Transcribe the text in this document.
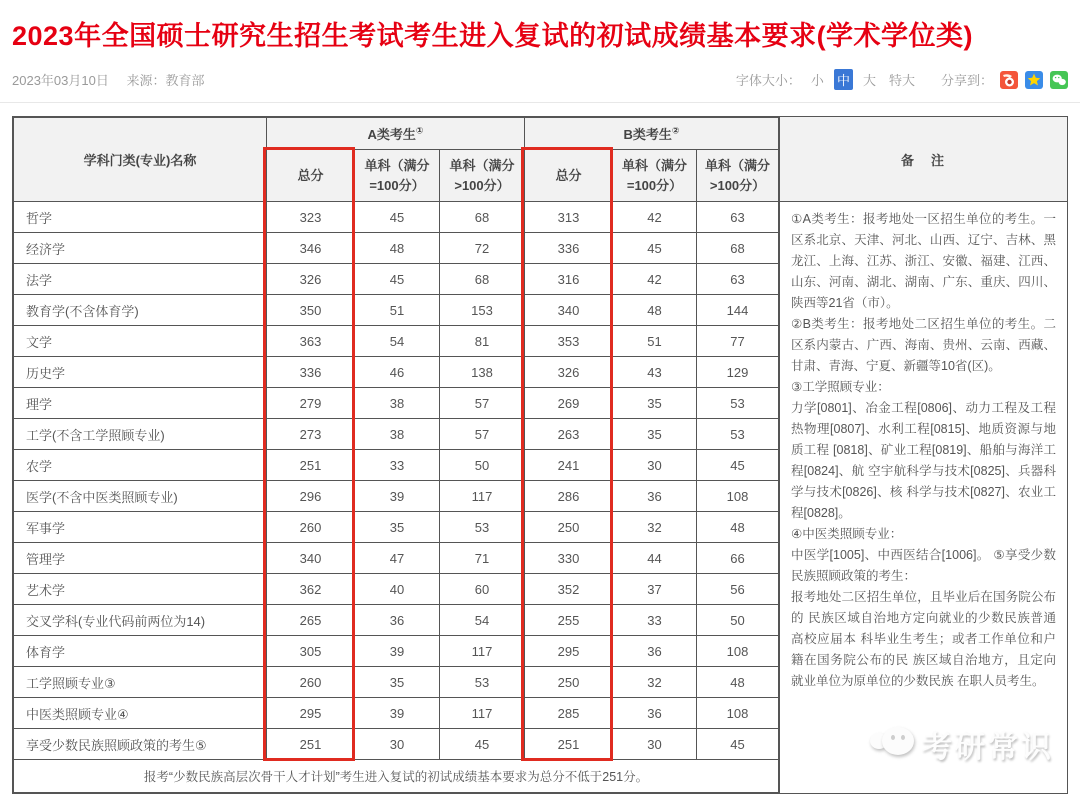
2023年全国硕士研究生招生考试考生进入复试的初试成绩基本要求(学术学位类)
2023年03月10日 来源：教育部	字体大小： 小 中 大 特大 分享到：
学科门类(专业)名称	A类考生①			B类考生②
	总分	单科（满分=100分）	单科（满分>100分）	总分	单科（满分=100分）	单科（满分>100分）
哲学	323	45	68	313	42	63
经济学	346	48	72	336	45	68
法学	326	45	68	316	42	63
教育学(不含体育学)	350	51	153	340	48	144
文学	363	54	81	353	51	77
历史学	336	46	138	326	43	129
理学	279	38	57	269	35	53
工学(不含工学照顾专业)	273	38	57	263	35	53
农学	251	33	50	241	30	45
医学(不含中医类照顾专业)	296	39	117	286	36	108
军事学	260	35	53	250	32	48
管理学	340	47	71	330	44	66
艺术学	362	40	60	352	37	56
交叉学科(专业代码前两位为14)	265	36	54	255	33	50
体育学	305	39	117	295	36	108
工学照顾专业③	260	35	53	250	32	48
中医类照顾专业④	295	39	117	285	36	108
享受少数民族照顾政策的考生⑤	251	30	45	251	30	45
报考“少数民族高层次骨干人才计划”考生进入复试的初试成绩基本要求为总分不低于251分。						
备　注

①A类考生：报考地处一区招生单位的考生。一区系北京、天津、河北、山西、辽宁、吉林、黑龙江、上海、江苏、浙江、安徽、福建、江西、山东、河南、湖北、湖南、广东、重庆、四川、陕西等21省（市）。

②B类考生：报考地处二区招生单位的考生。二区系内蒙古、广西、海南、贵州、云南、西藏、甘肃、青海、宁夏、新疆等10省(区)。

③工学照顾专业：

力学[0801]、冶金工程[0806]、动力工程及工程热物理[0807]、水利工程[0815]、地质资源与地质工程 [0818]、矿业工程[0819]、船舶与海洋工程[0824]、航 空宇航科学与技术[0825]、兵器科学与技术[0826]、核 科学与技术[0827]、农业工程[0828]。

④中医类照顾专业：

中医学[1005]、中西医结合[1006]。 ⑤享受少数民族照顾政策的考生：

报考地处二区招生单位，且毕业后在国务院公布的 民族区域自治地方定向就业的少数民族普通高校应届本 科毕业生考生；或者工作单位和户籍在国务院公布的民 族区域自治地方，且定向就业单位为原单位的少数民族 在职人员考生。

考研常识
